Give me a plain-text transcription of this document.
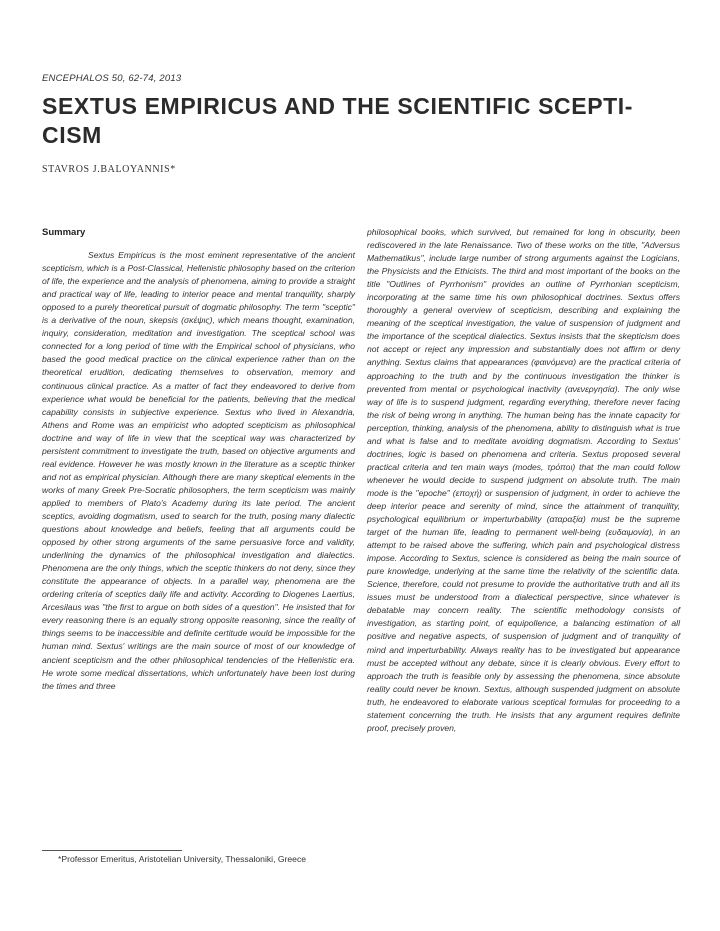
ENCEPHALOS 50, 62-74, 2013
SEXTUS EMPIRICUS AND THE SCIENTIFIC SCEPTI- CISM
STAVROS J.BALOYANNIS*
Summary

Sextus Empiricus is the most eminent representative of the ancient scepticism, which is a Post-Classical, Hellenistic philosophy based on the criterion of life, the experience and the analysis of phenomena, aiming to provide a straight and practical way of life, leading to interior peace and mental tranquility, sharply opposed to a purely theoretical pursuit of dogmatic philosophy. The term "sceptic" is a derivative of the noun, skepsis (σκέψις), which means thought, examination, inquiry, consideration, meditation and investigation. The sceptical school was connected for a long period of time with the Empirical school of physicians, who based the good medical practice on the clinical experience rather than on the theoretical erudition, dedicating themselves to observation, memory and continuous clinical practice. As a matter of fact they endeavored to derive from experience what would be beneficial for the patients, believing that the medical capability consists in subjective experience. Sextus who lived in Alexandria, Athens and Rome was an empiricist who adopted scepticism as philosophical doctrine and way of life in view that the sceptical way was characterized by persistent commitment to investigate the truth, based on objective arguments and real evidence. However he was mostly known in the literature as a sceptic thinker and not as empirical physician. Although there are many skeptical elements in the works of many Greek Pre-Socratic philosophers, the term scepticism was mainly applied to members of Plato's Academy during its late period. The ancient sceptics, avoiding dogmatism, used to search for the truth, posing many dialectic questions about knowledge and beliefs, feeling that all arguments could be opposed by other strong arguments of the same persuasive force and validity, underlining the dynamics of the philosophical investigation and dialectics. Phenomena are the only things, which the sceptic thinkers do not deny, since they constitute the appearance of objects. In a parallel way, phenomena are the ordering criteria of sceptics daily life and activity. According to Diogenes Laertius, Arcesilaus was "the first to argue on both sides of a question". He insisted that for every reasoning there is an equally strong opposite reasoning, since the reality of things seems to be inaccessible and definite certitude would be impossible for the human mind. Sextus' writings are the main source of most of our knowledge of ancient scepticism and the other philosophical tendencies of the Hellenistic era. He wrote some medical dissertations, which unfortunately have been lost during the times and three

philosophical books, which survived, but remained for long in obscurity, been rediscovered in the late Renaissance. Two of these works on the title, "Adversus Mathematikus", include large number of strong arguments against the Logicians, the Physicists and the Ethicists. The third and most important of the books on the title "Outlines of Pyrrhonism" provides an outline of Pyrrhonian scepticism, incorporating at the same time his own philosophical doctrines. Sextus offers thoroughly a general overview of scepticism, describing and explaining the meaning of the sceptical investigation, the value of suspension of judgment and the importance of the sceptical dialectics. Sextus insists that the skepticism does not accept or reject any impression and substantially does not affirm or deny anything. Sextus claims that appearances (φαινόμενα) are the practical criteria of approaching to the truth and by the continuous investigation the thinker is prevented from mental or psychological inactivity (ανενεργησία). The only wise way of life is to suspend judgment, regarding everything, therefore never facing the risk of being wrong in anything. The human being has the innate capacity for perception, thinking, analysis of the phenomena, ability to distinguish what is true and what is false and to meditate avoiding dogmatism. According to Sextus' doctrines, logic is based on phenomena and criteria. Sextus proposed several practical criteria and ten main ways (modes, τρόποι) that the man could follow whenever he would decide to suspend judgment on absolute truth. The main mode is the "epoche" (εποχή) or suspension of judgment, in order to achieve the deep interior peace and serenity of mind, since the attainment of tranquility, psychological equilibrium or imperturbability (αταραξία) must be the supreme target of the human life, leading to permanent well-being (ευδαιμονία), in an attempt to be raised above the suffering, which pain and psychological distress impose. According to Sextus, science is considered as being the main source of pure knowledge, underlying at the same time the relativity of the scientific data. Science, therefore, could not presume to provide the authoritative truth and all its issues must be understood from a dialectical perspective, since whatever is debatable may concern reality. The scientific methodology consists of investigation, as starting point, of equipollence, a balancing estimation of all positive and negative aspects, of suspension of judgment and of tranquility of mind and imperturbability. Always reality has to be investigated but appearance must be accepted without any debate, since it is clearly obvious. Every effort to approach the truth is feasible only by assessing the phenomena, since absolute reality could never be known. Sextus, although suspended judgment on absolute truth, he endeavored to elaborate various sceptical formulas for proceeding to a statement concerning the truth. He insists that any argument requires definite proof, precisely proven,

*Professor Emeritus, Aristotelian University, Thessaloniki, Greece
